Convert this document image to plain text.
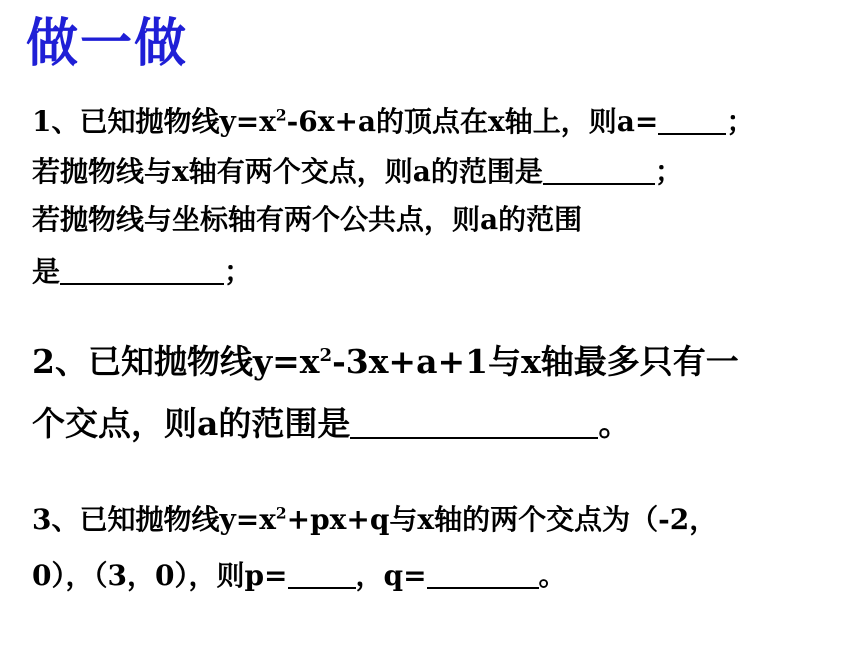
做一做
1、已知抛物线$y=x^2-6x+a$的顶点在x轴上，则a= ；
若抛物线与x轴有两个交点，则a的范围是	；
若抛物线与坐标轴有两个公共点，则a的范围
是	；
2、已知抛物线$y=x^2-3x+a+1$与x轴最多只有一
个交点，则a的范围是	。
3、已知抛物线$y=x^2+px+q$与x轴的两个交点为（-2，
0），（3，0），则p= ，q=	。
